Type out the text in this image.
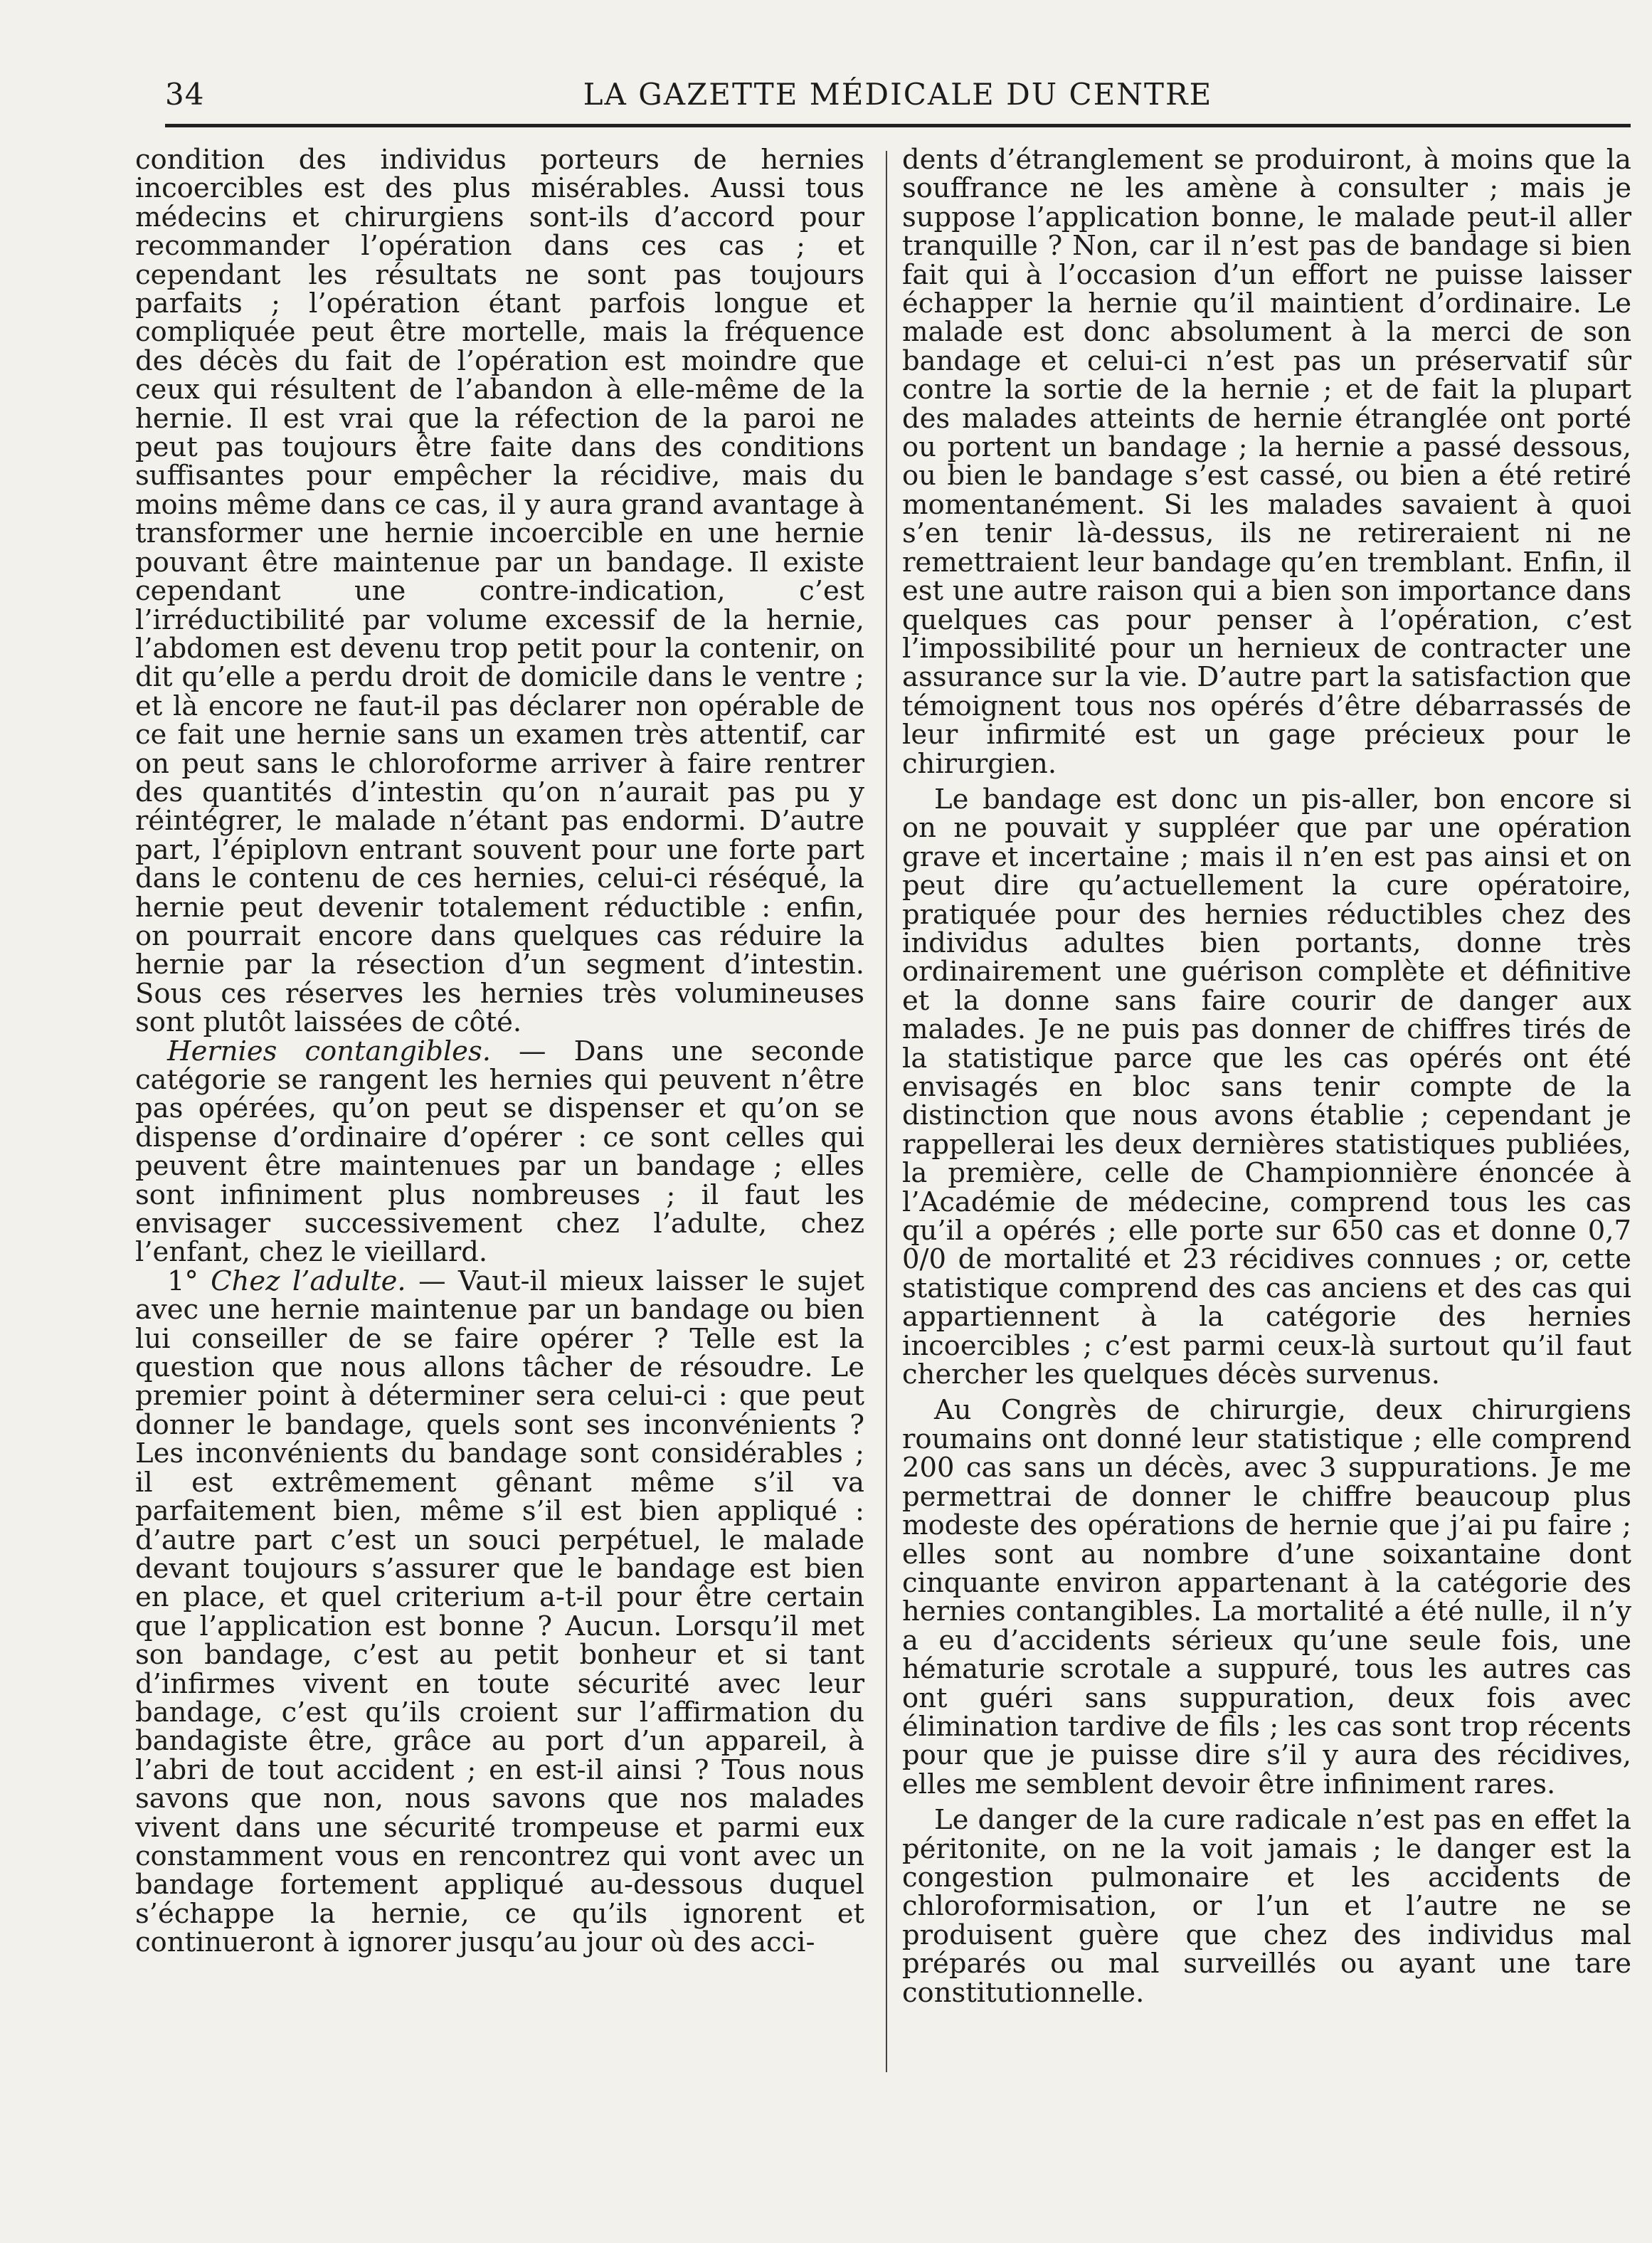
34	LA GAZETTE MÉDICALE DU CENTRE

condition des individus porteurs de hernies incoercibles est des plus misérables. Aussi tous médecins et chirurgiens sont-ils d’accord pour recommander l’opération dans ces cas ; et cependant les résultats ne sont pas toujours parfaits ; l’opération étant parfois longue et compliquée peut être mortelle, mais la fréquence des décès du fait de l’opération est moindre que ceux qui résultent de l’abandon à elle-même de la hernie. Il est vrai que la réfection de la paroi ne peut pas toujours être faite dans des conditions suffisantes pour empêcher la récidive, mais du moins même dans ce cas, il y aura grand avantage à transformer une hernie incoercible en une hernie pouvant être maintenue par un bandage. Il existe cependant une contre-indication, c’est l’irréductibilité par volume excessif de la hernie, l’abdomen est devenu trop petit pour la contenir, on dit qu’elle a perdu droit de domicile dans le ventre ; et là encore ne faut-il pas déclarer non opérable de ce fait une hernie sans un examen très attentif, car on peut sans le chloroforme arriver à faire rentrer des quantités d’intestin qu’on n’aurait pas pu y réintégrer, le malade n’étant pas endormi. D’autre part, l’épiplovn entrant souvent pour une forte part dans le contenu de ces hernies, celui-ci réséqué, la hernie peut devenir totalement réductible : enfin, on pourrait encore dans quelques cas réduire la hernie par la résection d’un segment d’intestin. Sous ces réserves les hernies très volumineuses sont plutôt laissées de côté.

Hernies contangibles. — Dans une seconde catégorie se rangent les hernies qui peuvent n’être pas opérées, qu’on peut se dispenser et qu’on se dispense d’ordinaire d’opérer : ce sont celles qui peuvent être maintenues par un bandage ; elles sont infiniment plus nombreuses ; il faut les envisager successivement chez l’adulte, chez l’enfant, chez le vieillard.

1° Chez l’adulte. — Vaut-il mieux laisser le sujet avec une hernie maintenue par un bandage ou bien lui conseiller de se faire opérer ? Telle est la question que nous allons tâcher de résoudre. Le premier point à déterminer sera celui-ci : que peut donner le bandage, quels sont ses inconvénients ? Les inconvénients du bandage sont considérables ; il est extrêmement gênant même s’il va parfaitement bien, même s’il est bien appliqué : d’autre part c’est un souci perpétuel, le malade devant toujours s’assurer que le bandage est bien en place, et quel criterium a-t-il pour être certain que l’application est bonne ? Aucun. Lorsqu’il met son bandage, c’est au petit bonheur et si tant d’infirmes vivent en toute sécurité avec leur bandage, c’est qu’ils croient sur l’affirmation du bandagiste être, grâce au port d’un appareil, à l’abri de tout accident ; en est-il ainsi ? Tous nous savons que non, nous savons que nos malades vivent dans une sécurité trompeuse et parmi eux constamment vous en rencontrez qui vont avec un bandage fortement appliqué au-dessous duquel s’échappe la hernie, ce qu’ils ignorent et continueront à ignorer jusqu’au jour où des acci-

dents d’étranglement se produiront, à moins que la souffrance ne les amène à consulter ; mais je suppose l’application bonne, le malade peut-il aller tranquille ? Non, car il n’est pas de bandage si bien fait qui à l’occasion d’un effort ne puisse laisser échapper la hernie qu’il maintient d’ordinaire. Le malade est donc absolument à la merci de son bandage et celui-ci n’est pas un préservatif sûr contre la sortie de la hernie ; et de fait la plupart des malades atteints de hernie étranglée ont porté ou portent un bandage ; la hernie a passé dessous, ou bien le bandage s’est cassé, ou bien a été retiré momentanément. Si les malades savaient à quoi s’en tenir là-dessus, ils ne retireraient ni ne remettraient leur bandage qu’en tremblant. Enfin, il est une autre raison qui a bien son importance dans quelques cas pour penser à l’opération, c’est l’impossibilité pour un hernieux de contracter une assurance sur la vie. D’autre part la satisfaction que témoignent tous nos opérés d’être débarrassés de leur infirmité est un gage précieux pour le chirurgien.

Le bandage est donc un pis-aller, bon encore si on ne pouvait y suppléer que par une opération grave et incertaine ; mais il n’en est pas ainsi et on peut dire qu’actuellement la cure opératoire, pratiquée pour des hernies réductibles chez des individus adultes bien portants, donne très ordinairement une guérison complète et définitive et la donne sans faire courir de danger aux malades. Je ne puis pas donner de chiffres tirés de la statistique parce que les cas opérés ont été envisagés en bloc sans tenir compte de la distinction que nous avons établie ; cependant je rappellerai les deux dernières statistiques publiées, la première, celle de Championnière énoncée à l’Académie de médecine, comprend tous les cas qu’il a opérés ; elle porte sur 650 cas et donne 0,7 0/0 de mortalité et 23 récidives connues ; or, cette statistique comprend des cas anciens et des cas qui appartiennent à la catégorie des hernies incoercibles ; c’est parmi ceux-là surtout qu’il faut chercher les quelques décès survenus.

Au Congrès de chirurgie, deux chirurgiens roumains ont donné leur statistique ; elle comprend 200 cas sans un décès, avec 3 suppurations. Je me permettrai de donner le chiffre beaucoup plus modeste des opérations de hernie que j’ai pu faire ; elles sont au nombre d’une soixantaine dont cinquante environ appartenant à la catégorie des hernies contangibles. La mortalité a été nulle, il n’y a eu d’accidents sérieux qu’une seule fois, une hématurie scrotale a suppuré, tous les autres cas ont guéri sans suppuration, deux fois avec élimination tardive de fils ; les cas sont trop récents pour que je puisse dire s’il y aura des récidives, elles me semblent devoir être infiniment rares.

Le danger de la cure radicale n’est pas en effet la péritonite, on ne la voit jamais ; le danger est la congestion pulmonaire et les accidents de chloroformisation, or l’un et l’autre ne se produisent guère que chez des individus mal préparés ou mal surveillés ou ayant une tare constitutionnelle.
